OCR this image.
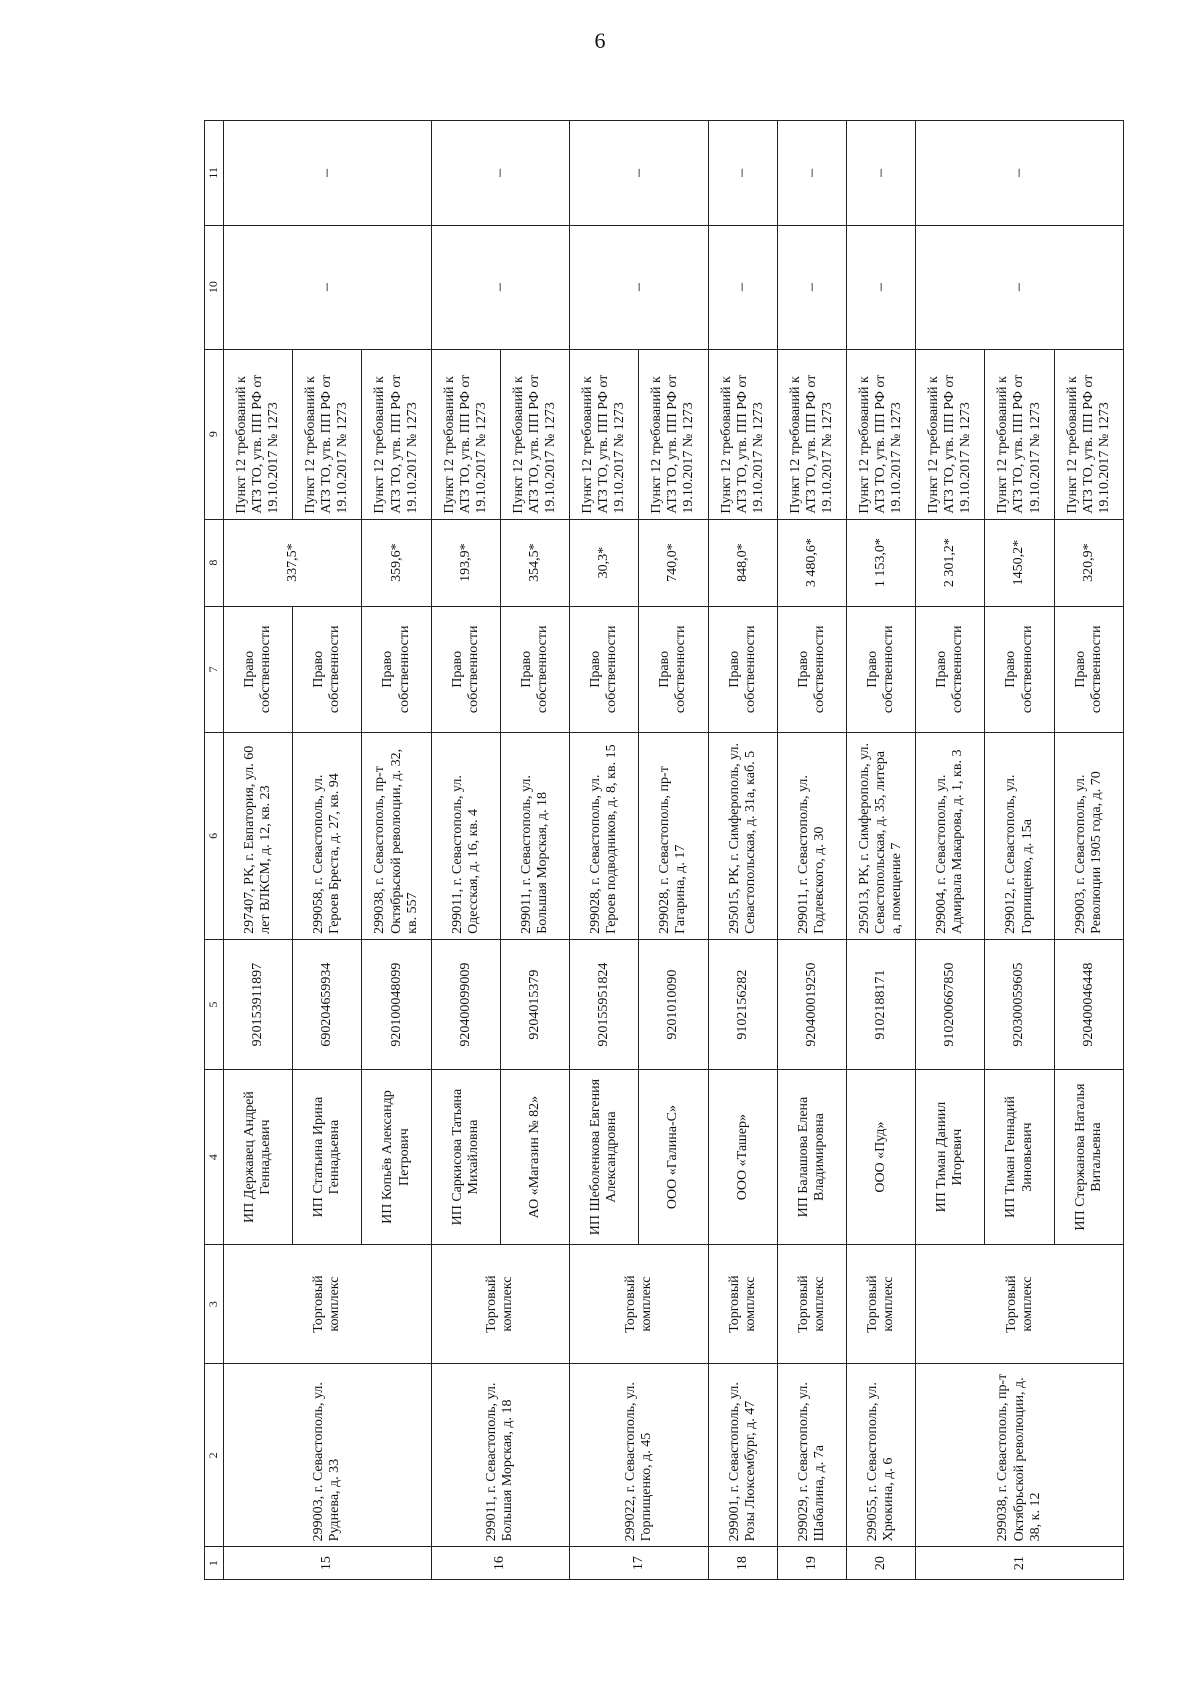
6
1	2	3	4	5	6	7	8	9	10	11
15	299003, г. Севастополь, ул. Руднева, д. 33	Торговый комплекс	ИП Державец Андрей Геннадьевич	920153911897	297407, РК, г. Евпатория, ул. 60 лет ВЛКСМ, д. 12, кв. 23	Право собственности	337,5*	Пункт 12 требований к АТЗ ТО, утв. ПП РФ от 19.10.2017 № 1273	–	–
			ИП Статьина Ирина Геннадьевна	690204659934	299058, г. Севастополь, ул. Героев Бреста, д. 27, кв. 94	Право собственности		Пункт 12 требований к АТЗ ТО, утв. ПП РФ от 19.10.2017 № 1273		
			ИП Копьёв Александр Петрович	920100048099	299038, г. Севастополь, пр-т Октябрьской революции, д. 32, кв. 557	Право собственности	359,6*	Пункт 12 требований к АТЗ ТО, утв. ПП РФ от 19.10.2017 № 1273		
16	299011, г. Севастополь, ул. Большая Морская, д. 18	Торговый комплекс	ИП Саркисова Татьяна Михайловна	920400099009	299011, г. Севастополь, ул. Одесская, д. 16, кв. 4	Право собственности	193,9*	Пункт 12 требований к АТЗ ТО, утв. ПП РФ от 19.10.2017 № 1273	–	–
			АО «Магазин № 82»	9204015379	299011, г. Севастополь, ул. Большая Морская, д. 18	Право собственности	354,5*	Пункт 12 требований к АТЗ ТО, утв. ПП РФ от 19.10.2017 № 1273		
17	299022, г. Севастополь, ул. Горпищенко, д. 45	Торговый комплекс	ИП Шеболенкова Евгения Александровна	920155951824	299028, г. Севастополь, ул. Героев подводников, д. 8, кв. 15	Право собственности	30,3*	Пункт 12 требований к АТЗ ТО, утв. ПП РФ от 19.10.2017 № 1273	–	–
			ООО «Галина-С»	9201010090	299028, г. Севастополь, пр-т Гагарина, д. 17	Право собственности	740,0*	Пункт 12 требований к АТЗ ТО, утв. ПП РФ от 19.10.2017 № 1273		
18	299001, г. Севастополь, ул. Розы Люксембург, д. 47	Торговый комплекс	ООО «Ташер»	9102156282	295015, РК, г. Симферополь, ул. Севастопольская, д. 31а, каб. 5	Право собственности	848,0*	Пункт 12 требований к АТЗ ТО, утв. ПП РФ от 19.10.2017 № 1273	–	–
19	299029, г. Севастополь, ул. Шабалина, д. 7а	Торговый комплекс	ИП Балашова Елена Владимировна	920400019250	299011, г. Севастополь, ул. Годлевского, д. 30	Право собственности	3 480,6*	Пункт 12 требований к АТЗ ТО, утв. ПП РФ от 19.10.2017 № 1273	–	–
20	299055, г. Севастополь, ул. Хрюкина, д. 6	Торговый комплекс	ООО «Пуд»	9102188171	295013, РК, г. Симферополь, ул. Севастопольская, д. 35, литера а, помещение 7	Право собственности	1 153,0*	Пункт 12 требований к АТЗ ТО, утв. ПП РФ от 19.10.2017 № 1273	–	–
21	299038, г. Севастополь, пр-т Октябрьской революции, д. 38, к. 12	Торговый комплекс	ИП Тиман Даниил Игоревич	910200667850	299004, г. Севастополь, ул. Адмирала Макарова, д. 1, кв. 3	Право собственности	2 301,2*	Пункт 12 требований к АТЗ ТО, утв. ПП РФ от 19.10.2017 № 1273	–	–
			ИП Тиман Геннадий Зиновьевич	920300059605	299012, г. Севастополь, ул. Горпищенко, д. 15а	Право собственности	1450,2*	Пункт 12 требований к АТЗ ТО, утв. ПП РФ от 19.10.2017 № 1273		
			ИП Стержанова Наталья Витальевна	920400046448	299003, г. Севастополь, ул. Революции 1905 года, д. 70	Право собственности	320,9*	Пункт 12 требований к АТЗ ТО, утв. ПП РФ от 19.10.2017 № 1273		
